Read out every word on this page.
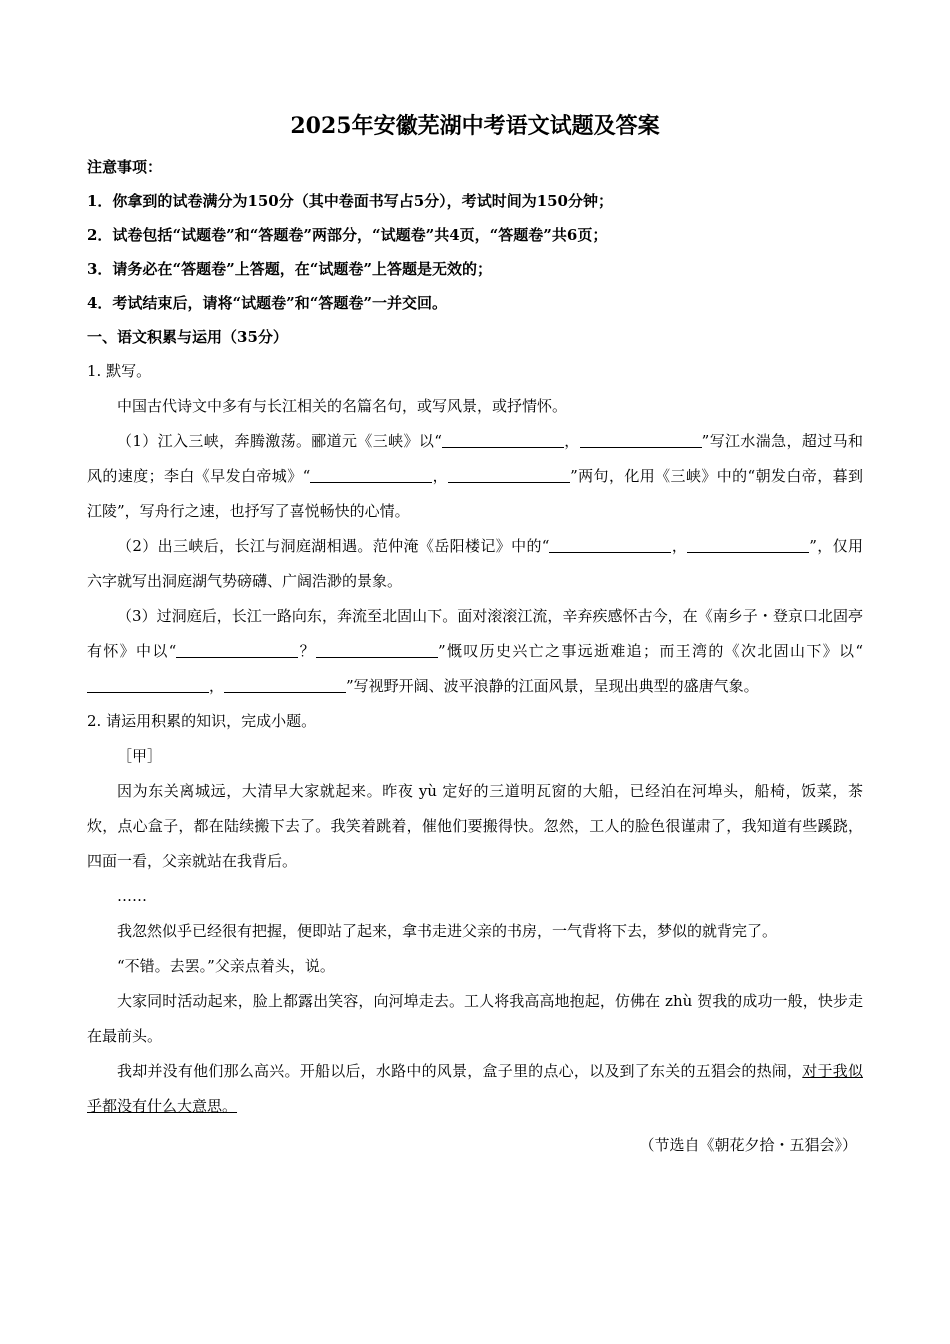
2025年安徽芜湖中考语文试题及答案

注意事项：

1．你拿到的试卷满分为150分（其中卷面书写占5分），考试时间为150分钟；

2．试卷包括“试题卷”和“答题卷”两部分，“试题卷”共4页，“答题卷”共6页；

3．请务必在“答题卷”上答题，在“试题卷”上答题是无效的；

4．考试结束后，请将“试题卷”和“答题卷”一并交回。

一、语文积累与运用（35分）

1. 默写。

中国古代诗文中多有与长江相关的名篇名句，或写风景，或抒情怀。

（1）江入三峡，奔腾激荡。郦道元《三峡》以“	，	”写江水湍急，超过马和风的速度；李白《早发白帝城》“	，	”两句，化用《三峡》中的“朝发白帝，暮到江陵”，写舟行之速，也抒写了喜悦畅快的心情。

（2）出三峡后，长江与洞庭湖相遇。范仲淹《岳阳楼记》中的“	，	”，仅用六字就写出洞庭湖气势磅礴、广阔浩渺的景象。

（3）过洞庭后，长江一路向东，奔流至北固山下。面对滚滚江流，辛弃疾感怀古今，在《南乡子・登京口北固亭有怀》中以“	？	”慨叹历史兴亡之事远逝难追；而王湾的《次北固山下》以“，	”写视野开阔、波平浪静的江面风景，呈现出典型的盛唐气象。

2. 请运用积累的知识，完成小题。

［甲］

因为东关离城远，大清早大家就起来。昨夜 yù 定好的三道明瓦窗的大船，已经泊在河埠头，船椅，饭菜，茶炊，点心盒子，都在陆续搬下去了。我笑着跳着，催他们要搬得快。忽然，工人的脸色很谨肃了，我知道有些蹊跷，四面一看，父亲就站在我背后。

……

我忽然似乎已经很有把握，便即站了起来，拿书走进父亲的书房，一气背将下去，梦似的就背完了。

“不错。去罢。”父亲点着头，说。

大家同时活动起来，脸上都露出笑容，向河埠走去。工人将我高高地抱起，仿佛在 zhù 贺我的成功一般，快步走在最前头。

我却并没有他们那么高兴。开船以后，水路中的风景，盒子里的点心，以及到了东关的五猖会的热闹，对于我似乎都没有什么大意思。

（节选自《朝花夕拾・五猖会》）
